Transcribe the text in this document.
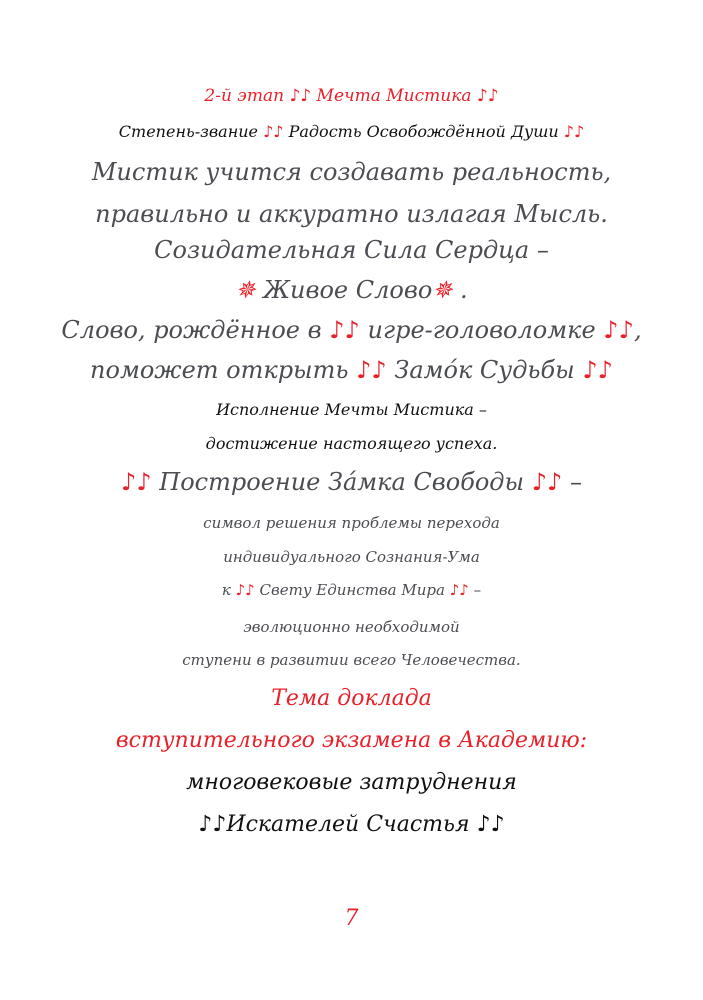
2-й этап ♪♪ Мечта Мистика ♪♪
Степень-звание ♪♪ Радость Освобождённой Души ♪♪
Мистик учится создавать реальность,
правильно и аккуратно излагая Мысль.
Созидательная Сила Сердца –
✵ Живое Слово✵ .
Слово, рождённое в ♪♪ игре-головоломке ♪♪,
поможет открыть ♪♪ Замо́к Судьбы ♪♪
Исполнение Мечты Мистика –
достижение настоящего успеха.
♪♪ Построение За́мка Свободы ♪♪ –
символ решения проблемы перехода
индивидуального Сознания-Ума
к ♪♪ Свету Единства Мира ♪♪ –
эволюционно необходимой
ступени в развитии всего Человечества.
Тема доклада
вступительного экзамена в Академию:
многовековые затруднения
♪♪Искателей Счастья ♪♪
7
